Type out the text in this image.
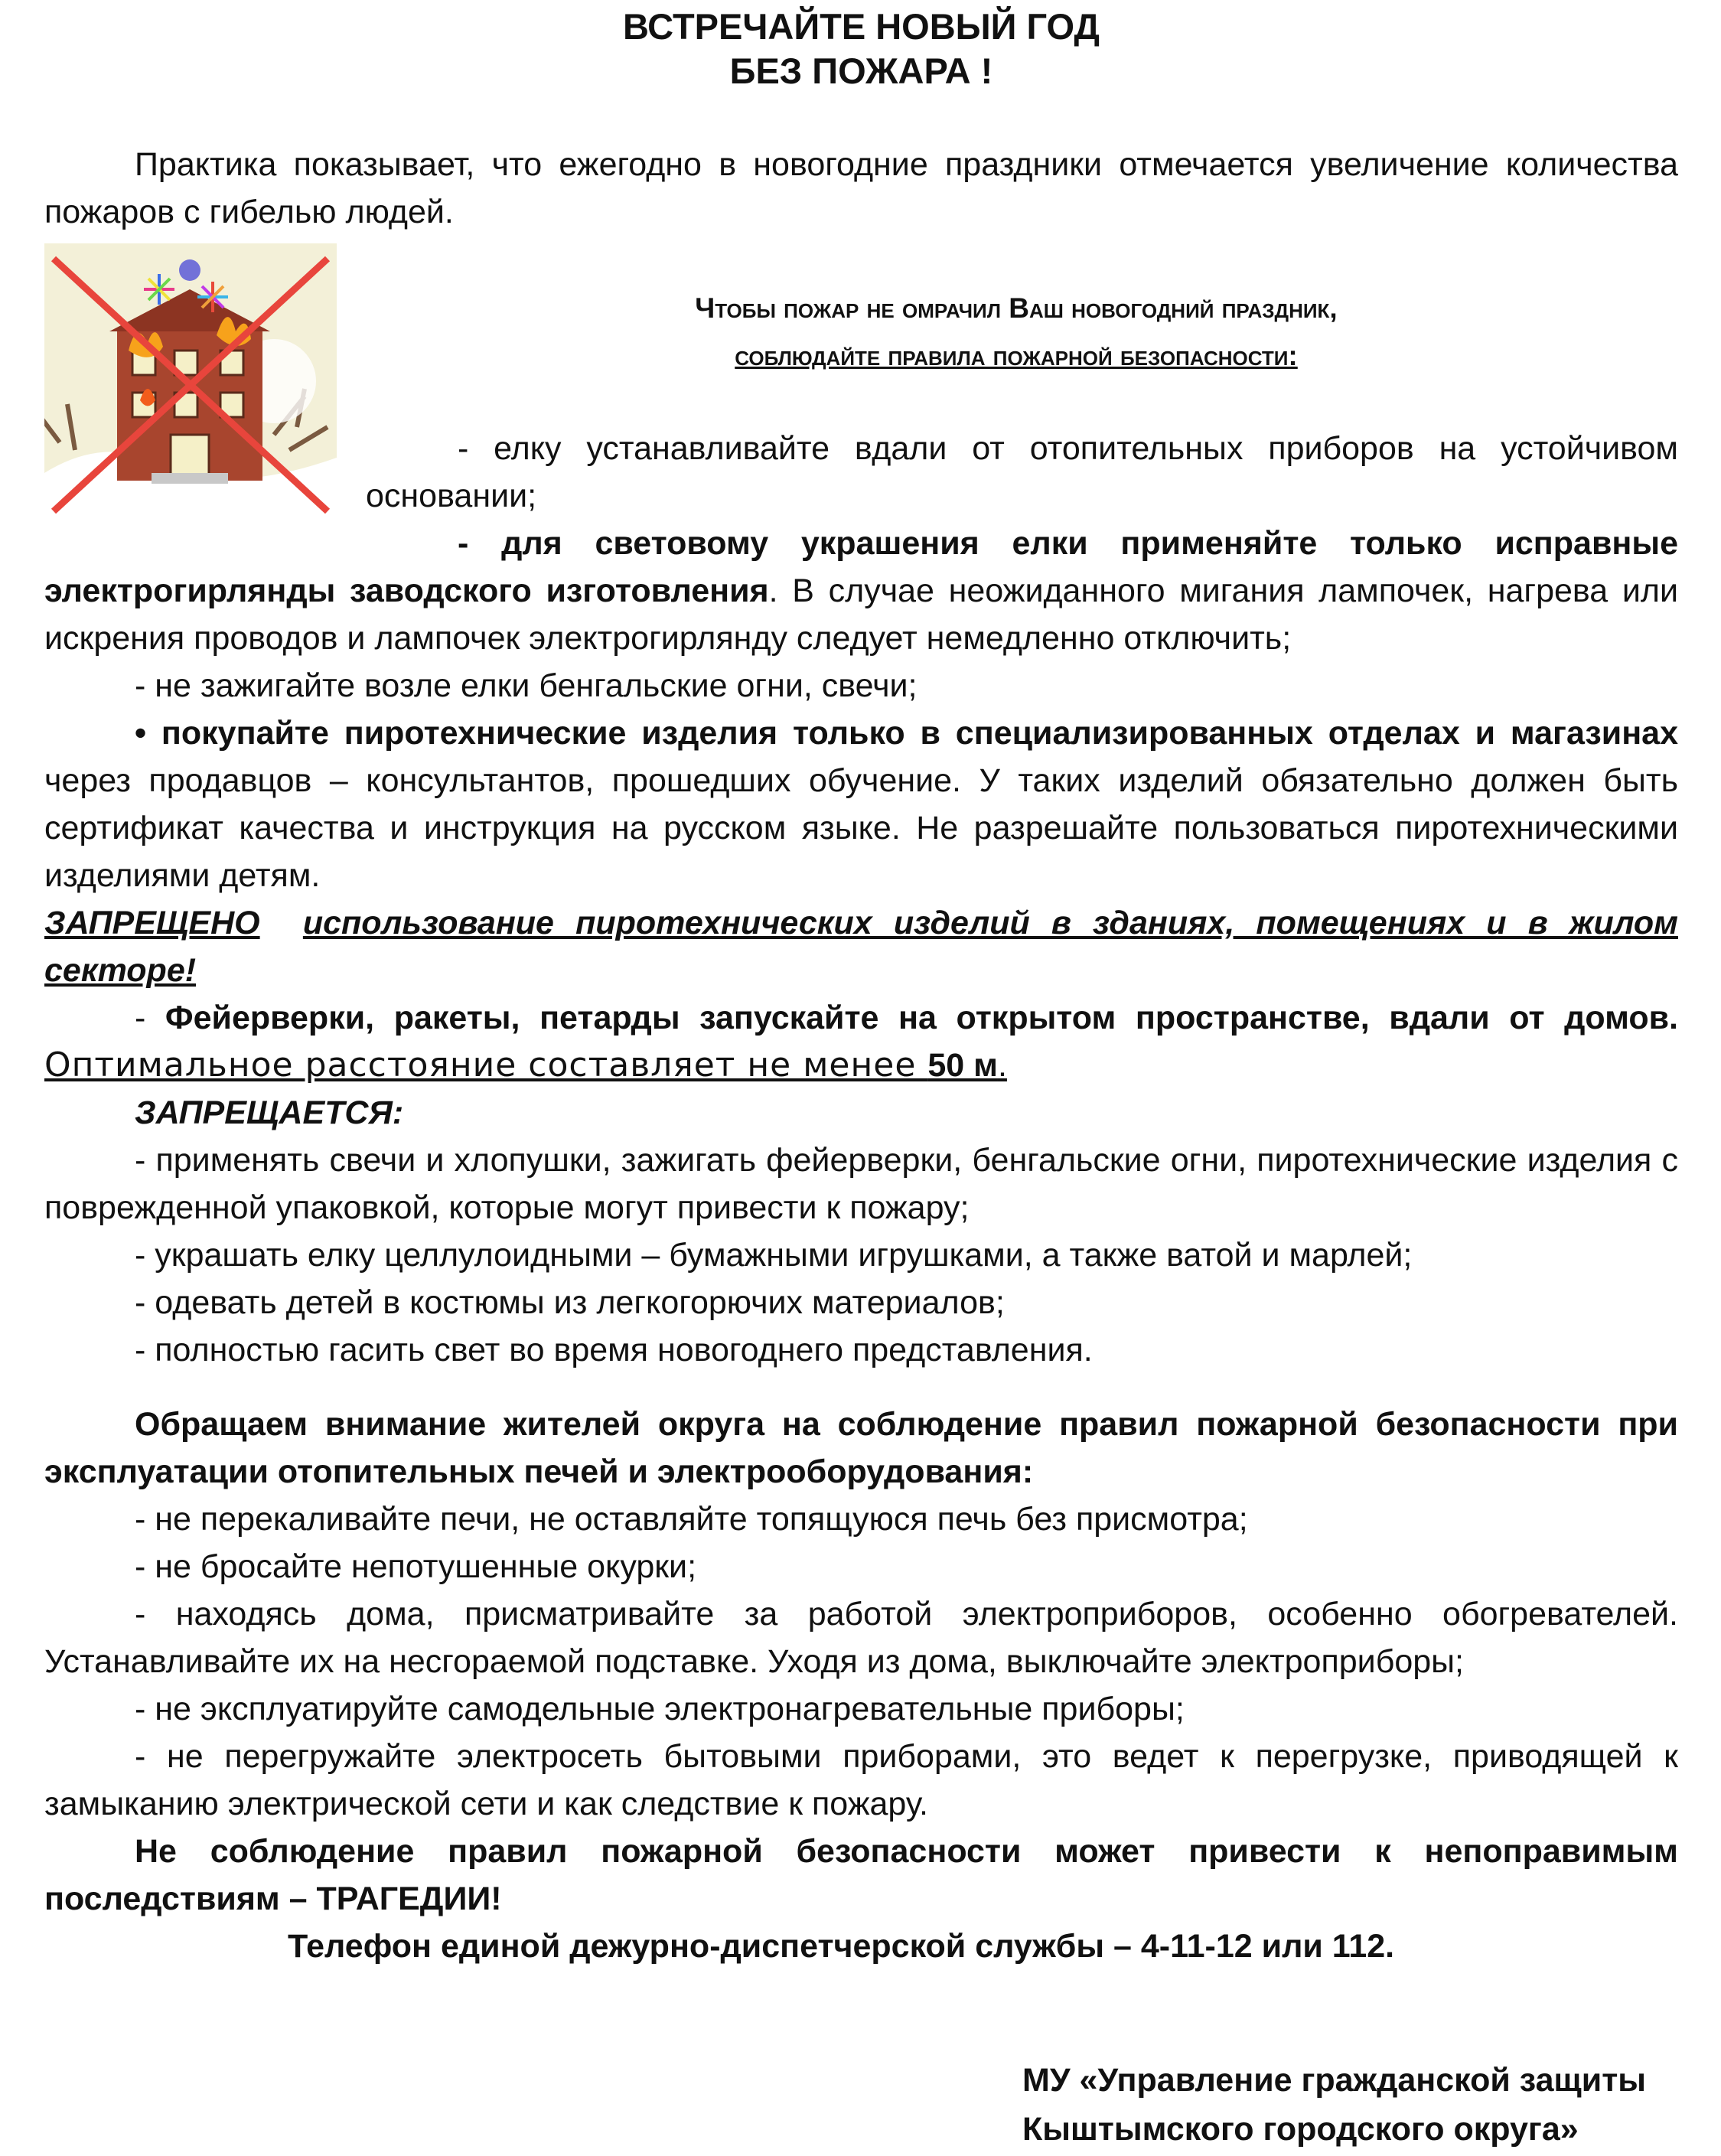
ВСТРЕЧАЙТЕ НОВЫЙ ГОД
БЕЗ ПОЖАРА !

Практика показывает, что ежегодно в новогодние праздники отмечается увеличение количества пожаров с гибелью людей.

Чтобы пожар не омрачил Ваш новогодний праздник,
соблюдайте правила пожарной безопасности:

- елку устанавливайте вдали от отопительных приборов на устойчивом

основании;

- для световому украшения елки применяйте только исправные

электрогирлянды заводского изготовления. В случае неожиданного мигания лампочек, нагрева или искрения проводов и лампочек электрогирлянду следует немедленно отключить;

- не зажигайте возле елки бенгальские огни, свечи;

• покупайте пиротехнические изделия только в специализированных отделах и магазинах через продавцов – консультантов, прошедших обучение. У таких изделий обязательно должен быть сертификат качества и инструкция на русском языке. Не разрешайте пользоваться пиротехническими изделиями детям.

ЗАПРЕЩЕНО использование пиротехнических изделий в зданиях, помещениях и в жилом секторе!

- Фейерверки, ракеты, петарды запускайте на открытом пространстве, вдали от домов.

Оптимальное расстояние составляет не менее 50 м.

ЗАПРЕЩАЕТСЯ:

- применять свечи и хлопушки, зажигать фейерверки, бенгальские огни, пиротехнические изделия с поврежденной упаковкой, которые могут привести к пожару;

- украшать елку целлулоидными – бумажными игрушками, а также ватой и марлей;

- одевать детей в костюмы из легкогорючих материалов;

- полностью гасить свет во время новогоднего представления.

Обращаем внимание жителей округа на соблюдение правил пожарной безопасности при эксплуатации отопительных печей и электрооборудования:

- не перекаливайте печи, не оставляйте топящуюся печь без присмотра;

- не бросайте непотушенные окурки;

- находясь дома, присматривайте за работой электроприборов, особенно обогревателей. Устанавливайте их на несгораемой подставке. Уходя из дома, выключайте электроприборы;

- не эксплуатируйте самодельные электронагревательные приборы;

- не перегружайте электросеть бытовыми приборами, это ведет к перегрузке, приводящей к замыканию электрической сети и как следствие к пожару.

Не соблюдение правил пожарной безопасности может привести к непоправимым последствиям – ТРАГЕДИИ!

Телефон единой дежурно-диспетчерской службы – 4-11-12 или 112.

МУ «Управление гражданской защиты
Кыштымского городского округа»
